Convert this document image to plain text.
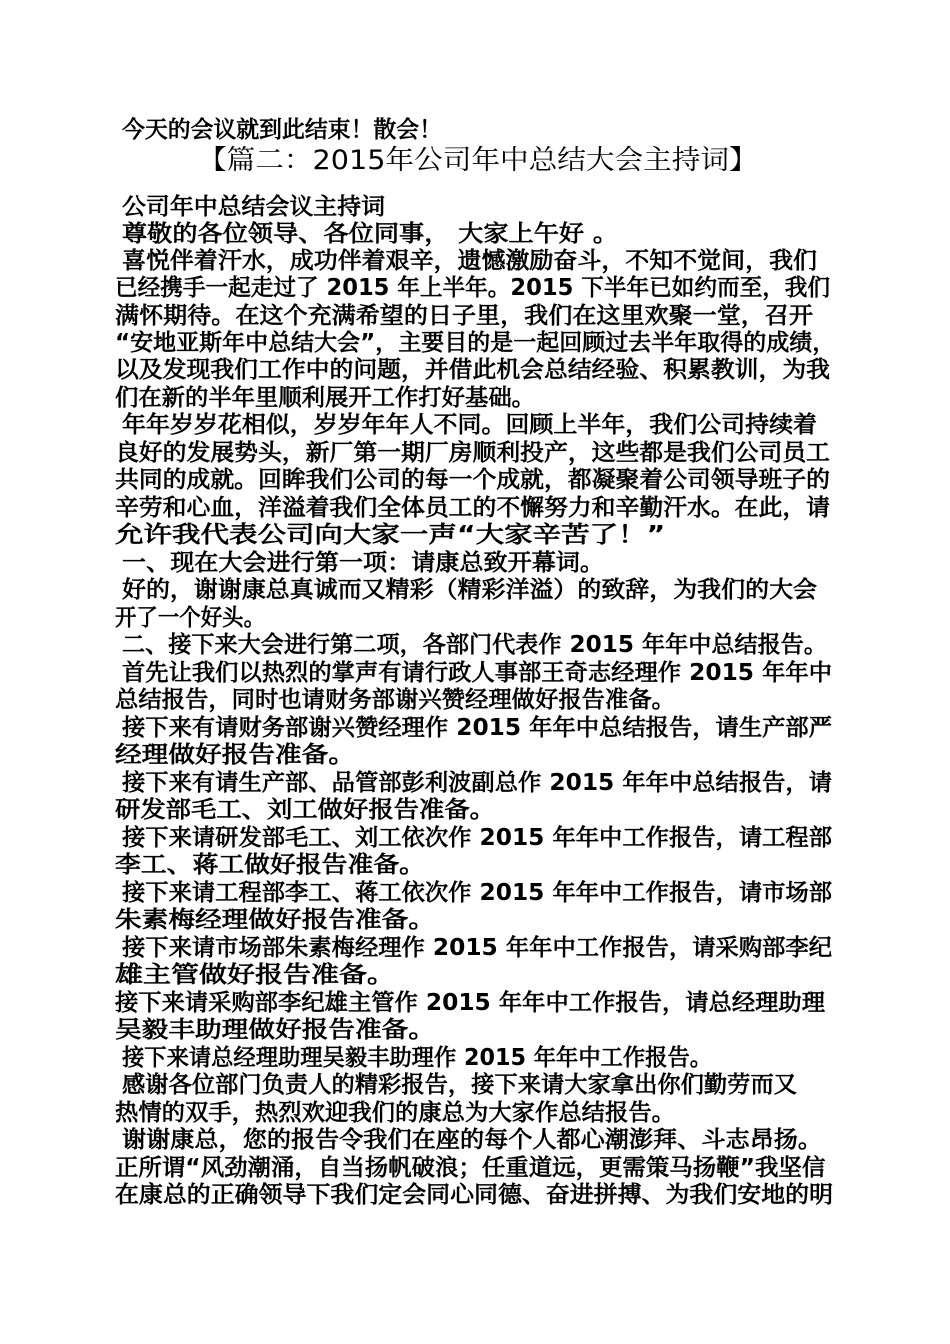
今天的会议就到此结束！散会！
【篇二：2015年公司年中总结大会主持词】
公司年中总结会议主持词
尊敬的各位领导、各位同事， 大家上午好 。
喜悦伴着汗水，成功伴着艰辛，遗憾激励奋斗，不知不觉间，我们
已经携手一起走过了 2015 年上半年。2015 下半年已如约而至，我们
满怀期待。在这个充满希望的日子里，我们在这里欢聚一堂，召开
“安地亚斯年中总结大会”，主要目的是一起回顾过去半年取得的成绩，
以及发现我们工作中的问题，并借此机会总结经验、积累教训，为我
们在新的半年里顺利展开工作打好基础。
年年岁岁花相似，岁岁年年人不同。回顾上半年，我们公司持续着
良好的发展势头，新厂第一期厂房顺利投产，这些都是我们公司员工
共同的成就。回眸我们公司的每一个成就，都凝聚着公司领导班子的
辛劳和心血，洋溢着我们全体员工的不懈努力和辛勤汗水。在此，请
允许我代表公司向大家一声“大家辛苦了！”
一、现在大会进行第一项：请康总致开幕词。
好的，谢谢康总真诚而又精彩（精彩洋溢）的致辞，为我们的大会
开了一个好头。
二、接下来大会进行第二项，各部门代表作 2015 年年中总结报告。
首先让我们以热烈的掌声有请行政人事部王奇志经理作 2015 年年中
总结报告，同时也请财务部谢兴赞经理做好报告准备。
接下来有请财务部谢兴赞经理作 2015 年年中总结报告，请生产部严
经理做好报告准备。
接下来有请生产部、品管部彭利波副总作 2015 年年中总结报告，请
研发部毛工、刘工做好报告准备。
接下来请研发部毛工、刘工依次作 2015 年年中工作报告，请工程部
李工、蒋工做好报告准备。
接下来请工程部李工、蒋工依次作 2015 年年中工作报告，请市场部
朱素梅经理做好报告准备。
接下来请市场部朱素梅经理作 2015 年年中工作报告，请采购部李纪
雄主管做好报告准备。
接下来请采购部李纪雄主管作 2015 年年中工作报告，请总经理助理
吴毅丰助理做好报告准备。
接下来请总经理助理吴毅丰助理作 2015 年年中工作报告。
感谢各位部门负责人的精彩报告，接下来请大家拿出你们勤劳而又
热情的双手，热烈欢迎我们的康总为大家作总结报告。
谢谢康总，您的报告令我们在座的每个人都心潮澎拜、斗志昂扬。
正所谓“风劲潮涌，自当扬帆破浪；任重道远，更需策马扬鞭”我坚信
在康总的正确领导下我们定会同心同德、奋进拼搏、为我们安地的明
